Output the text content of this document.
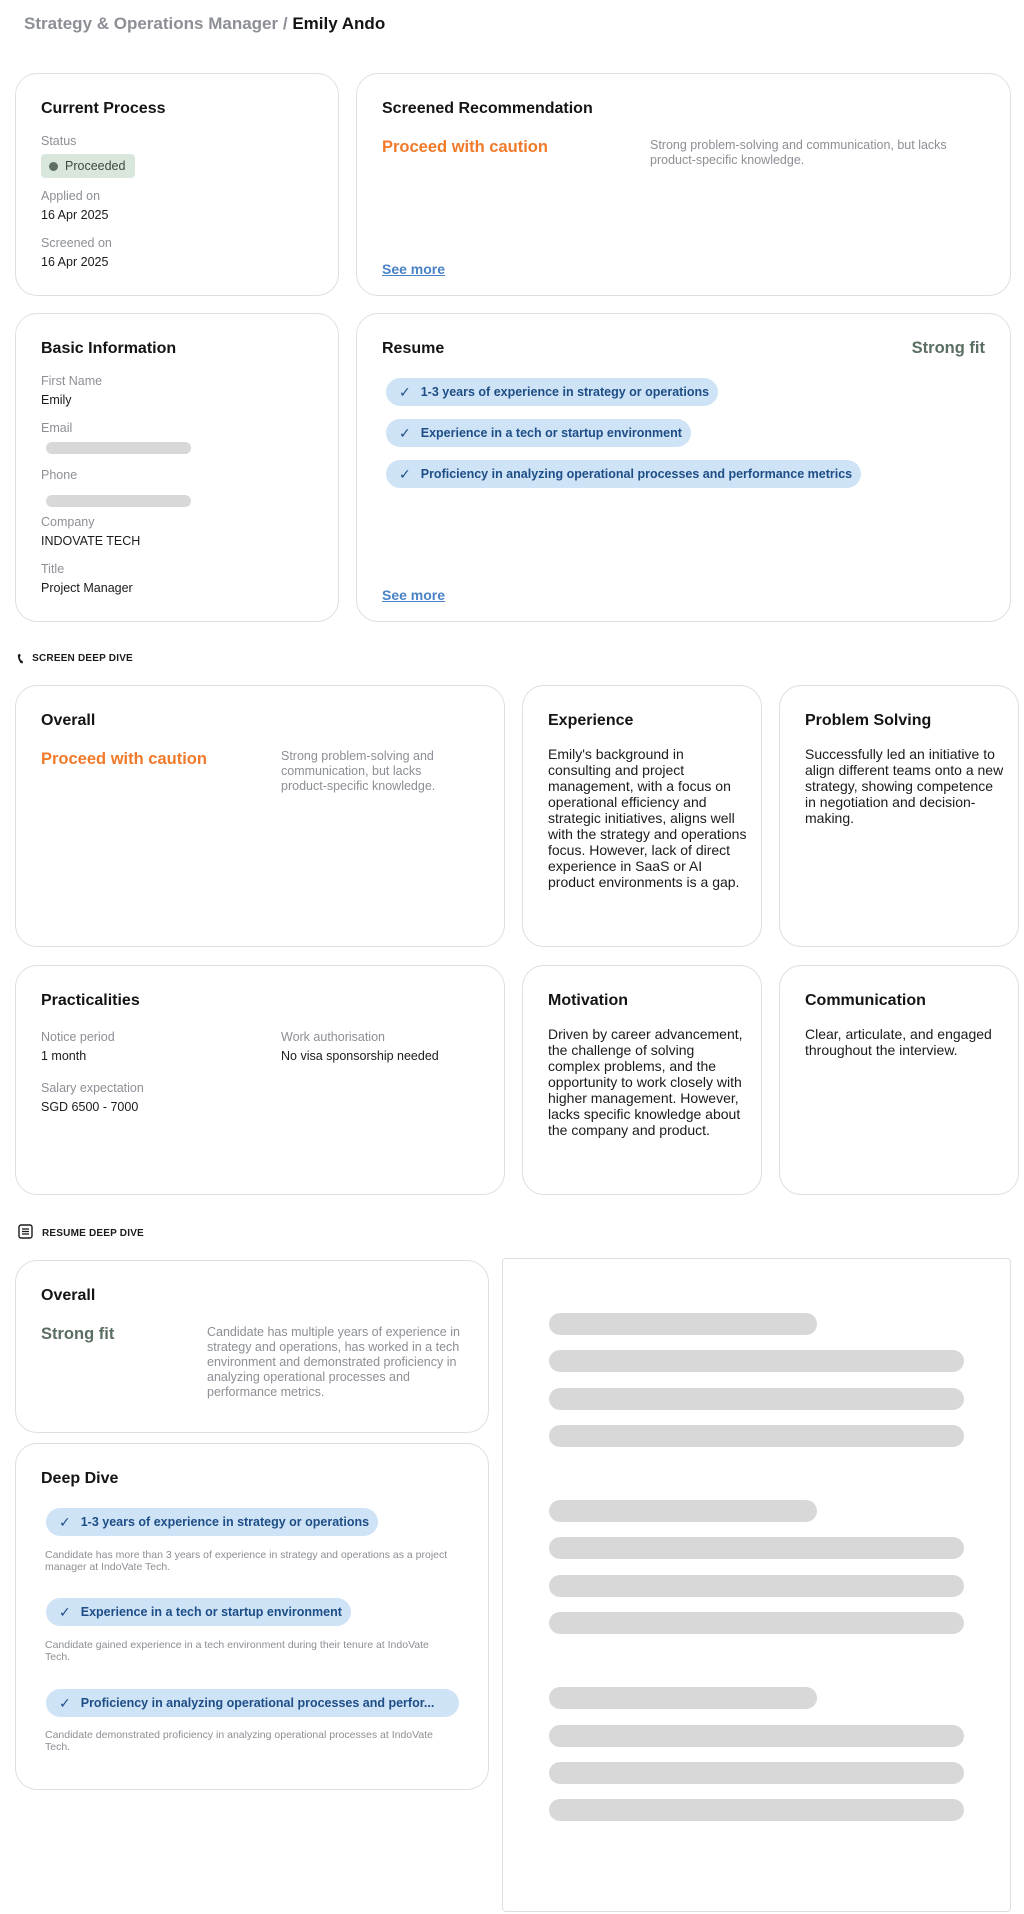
Strategy & Operations Manager / Emily Ando
Current Process
Status
Proceeded
Applied on
16 Apr 2025
Screened on
16 Apr 2025
Screened Recommendation
Proceed with caution	Strong problem-solving and communication, but lacks product-specific knowledge.
See more
Basic Information
First Name
Emily
Email
Phone
Company
INDOVATE TECH
Title
Project Manager
Resume	Strong fit
✓ 1-3 years of experience in strategy or operations
✓ Experience in a tech or startup environment
✓ Proficiency in analyzing operational processes and performance metrics
See more
📞︎ SCREEN DEEP DIVE
Overall
Proceed with caution	Strong problem-solving and communication, but lacks product-specific knowledge.
Experience
Emily's background in consulting and project management, with a focus on operational efficiency and strategic initiatives, aligns well with the strategy and operations focus. However, lack of direct experience in SaaS or AI product environments is a gap.
Problem Solving
Successfully led an initiative to align different teams onto a new strategy, showing competence in negotiation and decision-making.
Practicalities
Notice period
1 month
Work authorisation
No visa sponsorship needed
Salary expectation
SGD 6500 - 7000
Motivation
Driven by career advancement, the challenge of solving complex problems, and the opportunity to work closely with higher management. However, lacks specific knowledge about the company and product.
Communication
Clear, articulate, and engaged throughout the interview.
RESUME DEEP DIVE
Overall
Strong fit	Candidate has multiple years of experience in strategy and operations, has worked in a tech environment and demonstrated proficiency in analyzing operational processes and performance metrics.
Deep Dive
✓ 1-3 years of experience in strategy or operations
Candidate has more than 3 years of experience in strategy and operations as a project manager at IndoVate Tech.
✓ Experience in a tech or startup environment
Candidate gained experience in a tech environment during their tenure at IndoVate Tech.
✓ Proficiency in analyzing operational processes and perfor...
Candidate demonstrated proficiency in analyzing operational processes at IndoVate Tech.
